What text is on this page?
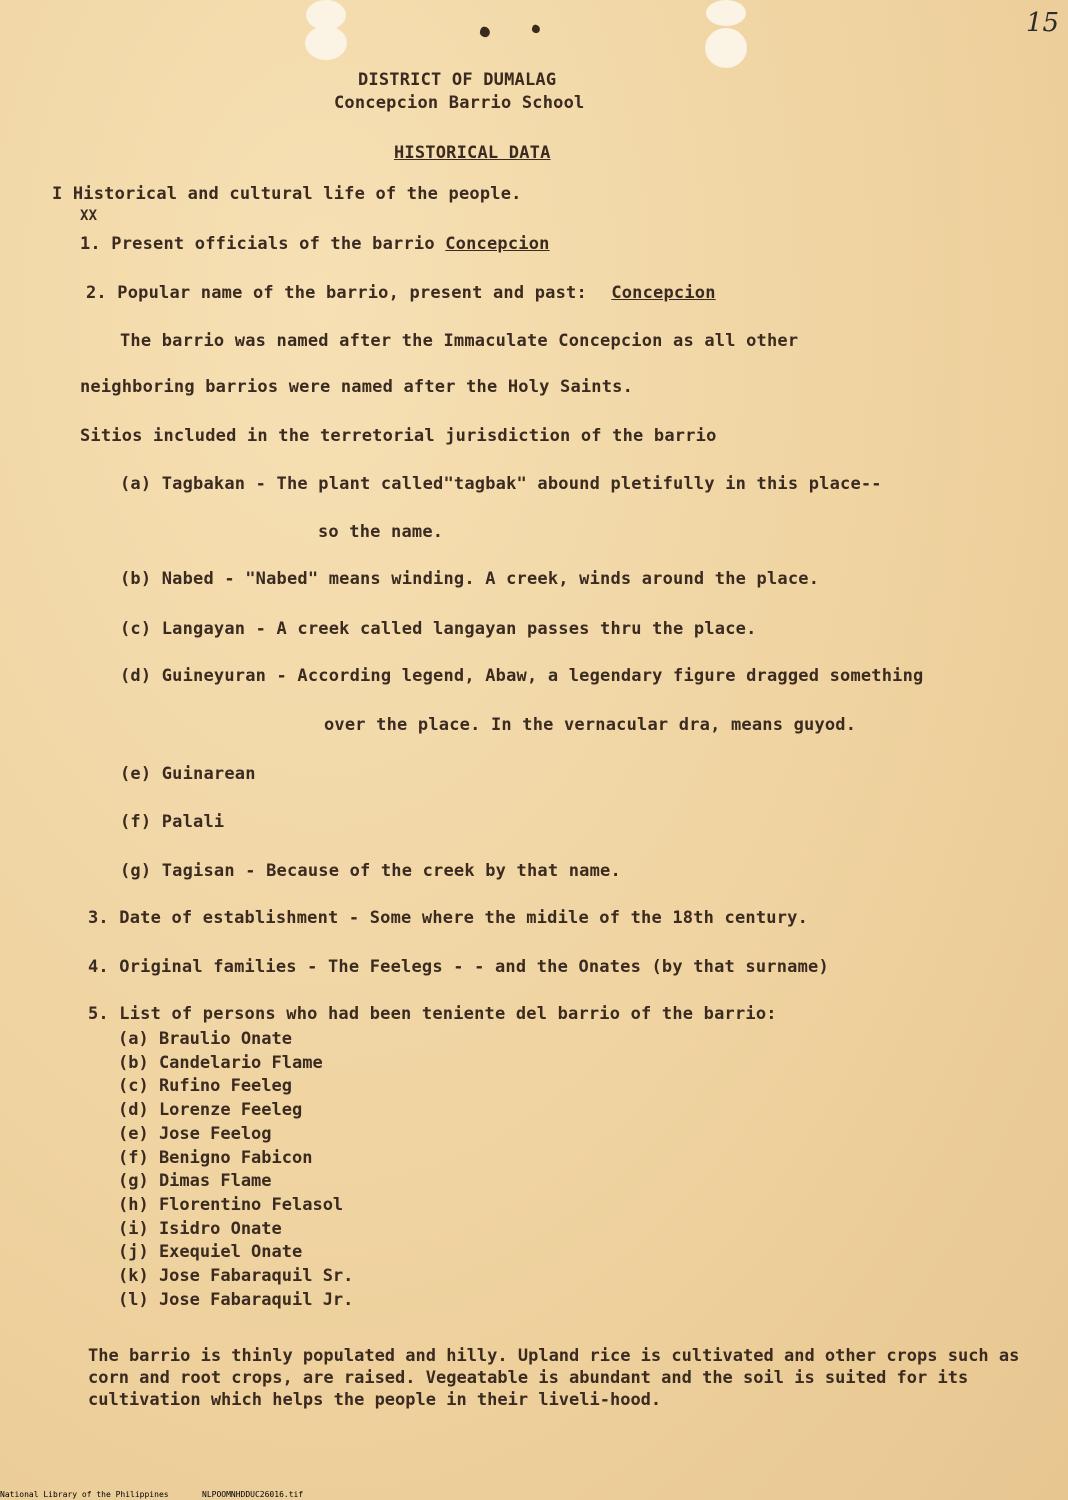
15
DISTRICT OF DUMALAG
Concepcion Barrio School
HISTORICAL DATA
I Historical and cultural life of the people.
XX
1. Present officials of the barrio Concepcion
2. Popular name of the barrio, present and past: Concepcion
The barrio was named after the Immaculate Concepcion as all other
neighboring barrios were named after the Holy Saints.
Sitios included in the terretorial jurisdiction of the barrio
(a) Tagbakan - The plant called"tagbak" abound pletifully in this place--
so the name.
(b) Nabed - "Nabed" means winding. A creek, winds around the place.
(c) Langayan - A creek called langayan passes thru the place.
(d) Guineyuran - According legend, Abaw, a legendary figure dragged something
over the place. In the vernacular dra, means guyod.
(e) Guinarean
(f) Palali
(g) Tagisan - Because of the creek by that name.
3. Date of establishment - Some where the midile of the 18th century.
4. Original families - The Feelegs - - and the Onates (by that surname)
5. List of persons who had been teniente del barrio of the barrio:
(a) Braulio Onate
(b) Candelario Flame
(c) Rufino Feeleg
(d) Lorenze Feeleg
(e) Jose Feelog
(f) Benigno Fabicon
(g) Dimas Flame
(h) Florentino Felasol
(i) Isidro Onate
(j) Exequiel Onate
(k) Jose Fabaraquil Sr.
(l) Jose Fabaraquil Jr.
The barrio is thinly populated and hilly. Upland rice is cultivated and other crops such as corn and root crops, are raised. Vegeatable is abundant and the soil is suited for its cultivation which helps the people in their liveli-hood.
National Library of the Philippines	NLPOOMNHDDUC26016.tif
